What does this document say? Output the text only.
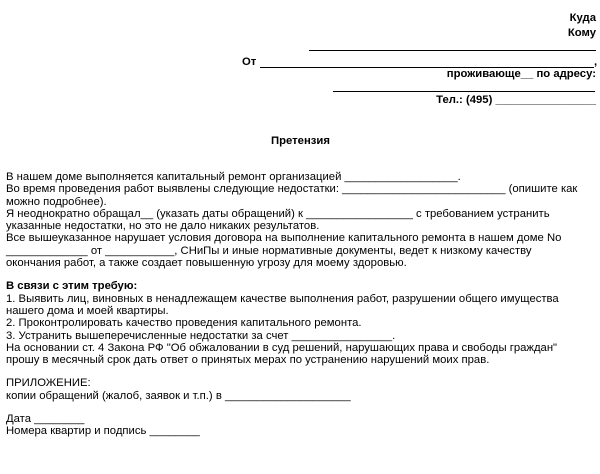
Куда
Кому
От	,
проживающе__ по адресу:
Тел.: (495) ________________
Претензия

В нашем доме выполняется капитальный ремонт организацией __________________.

Во время проведения работ выявлены следующие недостатки: __________________________ (опишите как

можно подробнее).

Я неоднократно обращал__ (указать даты обращений) к _________________ с требованием устранить

указанные недостатки, но это не дало никаких результатов.

Все вышеуказанное нарушает условия договора на выполнение капитального ремонта в нашем доме No

_____________ от ___________, СНиПы и иные нормативные документы, ведет к низкому качеству

окончания работ, а также создает повышенную угрозу для моему здоровью.

В связи с этим требую:

1. Выявить лиц, виновных в ненадлежащем качестве выполнения работ, разрушении общего имущества

нашего дома и моей квартиры.

2. Проконтролировать качество проведения капитального ремонта.

3. Устранить вышеперечисленные недостатки за счет ________________.

На основании ст. 4 Закона РФ "Об обжаловании в суд решений, нарушающих права и свободы граждан"

прошу в месячный срок дать ответ о принятых мерах по устранению нарушений моих прав.

ПРИЛОЖЕНИЕ:

копии обращений (жалоб, заявок и т.п.) в ____________________

Дата ________

Номера квартир и подпись ________
